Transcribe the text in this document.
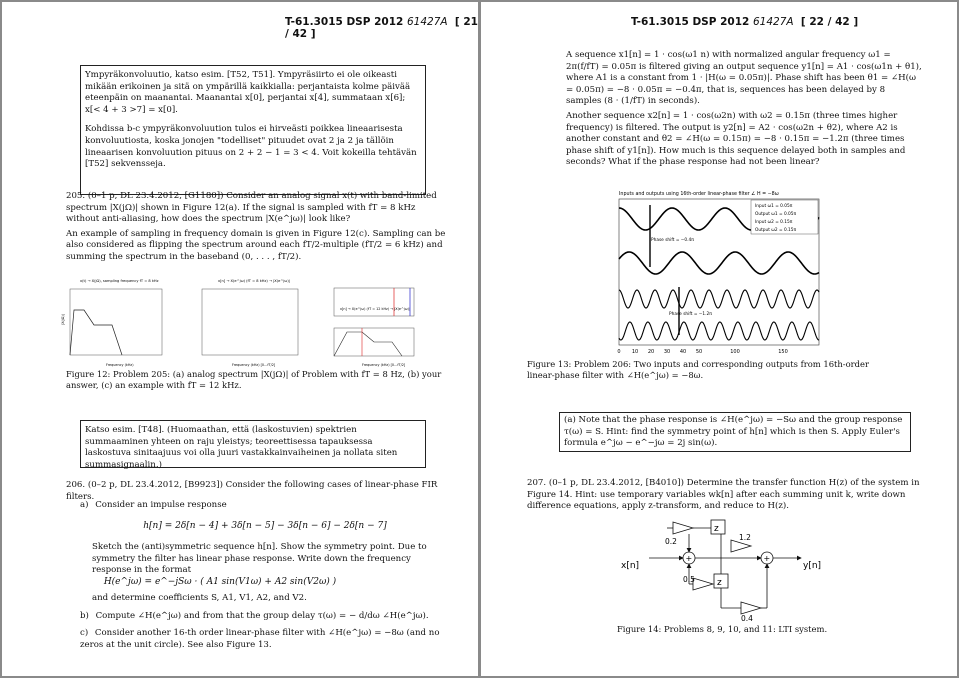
T-61.3015 DSP 2012 61427A  [ 21 / 42 ]

Ympyräkonvoluutio, katso esim. [T52, T51]. Ympyräsiirto ei ole oikeasti mikään erikoinen ja sitä on ympärillä kaikkialla: perjantaista kolme päivää eteenpäin on maanantai. Maanantai x[0], perjantai x[4], summataan x[6]; x[< 4 + 3 >7] = x[0].

Kohdissa b-c ympyräkonvoluution tulos ei hirveästi poikkea lineaarisesta konvoluutiosta, koska jonojen "todelliset" pituudet ovat 2 ja 2 ja tällöin lineaarisen konvoluution pituus on 2 + 2 − 1 = 3 < 4. Voit kokeilla tehtävän [T52] sekvensseja.

205. (0–1 p, DL 23.4.2012, [G1180]) Consider an analog signal x(t) with band-limited spectrum |X(jΩ)| shown in Figure 12(a). If the signal is sampled with fT = 8 kHz without anti-aliasing, how does the spectrum |X(e^jω)| look like?

An example of sampling in frequency domain is given in Figure 12(c). Sampling can be also considered as flipping the spectrum around each fT/2-multiple (fT/2 = 6 kHz) and summing the spectrum in the baseband (0, . . . , fT/2).

x(t) → X(jΩ), sampling frequency fT = 8 kHz
Frequency (kHz)
|X(jΩ)|
x[n] → X(e^jω) (fT = 8 kHz) → |X(e^jω)|
Frequency (kHz) [0...fT/2]
x[n] → X(e^jω) (fT = 12 kHz) → |X(e^jω)|
Frequency (kHz) [0...fT/2]
Figure 12: Problem 205: (a) analog spectrum |X(jΩ)| of Problem with fT = 8 Hz, (b) your answer, (c) an example with fT = 12 kHz.
Katso esim. [T48]. (Huomaathan, että (laskostuvien) spektrien summaaminen yhteen on raju yleistys; teoreettisessa tapauksessa laskostuva sinitaajuus voi olla juuri vastakkainvaiheinen ja nollata siten summasignaalin.)
206. (0–2 p, DL 23.4.2012, [B9923]) Consider the following cases of linear-phase FIR filters.
a) Consider an impulse response
h[n] = 2δ[n − 4] + 3δ[n − 5] − 3δ[n − 6] − 2δ[n − 7]
Sketch the (anti)symmetric sequence h[n]. Show the symmetry point. Due to symmetry the filter has linear phase response. Write down the frequency response in the format
H(e^jω) = e^−jSω · ( A1 sin(V1ω) + A2 sin(V2ω) )
and determine coefficients S, A1, V1, A2, and V2.
b) Compute ∠H(e^jω) and from that the group delay τ(ω) = − d/dω ∠H(e^jω).
c) Consider another 16-th order linear-phase filter with ∠H(e^jω) = −8ω (and no zeros at the unit circle). See also Figure 13.
T-61.3015 DSP 2012 61427A  [ 22 / 42 ]

A sequence x1[n] = 1 · cos(ω1 n) with normalized angular frequency ω1 = 2π(f/fT) = 0.05π is filtered giving an output sequence y1[n] = A1 · cos(ω1n + θ1), where A1 is a constant from 1 · |H(ω = 0.05π)|. Phase shift has been θ1 = ∠H(ω = 0.05π) = −8 · 0.05π = −0.4π, that is, sequences has been delayed by 8 samples (8 · (1/fT) in seconds).

Another sequence x2[n] = 1 · cos(ω2n) with ω2 = 0.15π (three times higher frequency) is filtered. The output is y2[n] = A2 · cos(ω2n + θ2), where A2 is another constant and θ2 = ∠H(ω = 0.15π) = −8 · 0.15π = −1.2π (three times phase shift of y1[n]). How much is this sequence delayed both in samples and seconds? What if the phase response had not been linear?

Inputs and outputs using 16th-order linear-phase filter ∠ H = −8ω
Input ω1 = 0.05π
Output ω1 = 0.05π
Input ω2 = 0.15π
Output ω2 = 0.15π
Phase shift = −0.4π
Phase shift = −1.2π
0 10 20 30 40 50	100	150
Figure 13: Problem 206: Two inputs and corresponding outputs from 16th-order linear-phase filter with ∠H(e^jω) = −8ω.
(a) Note that the phase response is ∠H(e^jω) = −Sω and the group response τ(ω) = S. Hint: find the symmetry point of h[n] which is then S. Apply Euler's formula e^jω − e^−jω = 2j sin(ω).
207. (0–1 p, DL 23.4.2012, [B4010]) Determine the transfer function H(z) of the system in Figure 14. Hint: use temporary variables wk[n] after each summing unit k, write down difference equations, apply z-transform, and reduce to H(z).
x[n]
+	+
y[n]
z
0.2	1.2
z
0.5
0.4
Figure 14: Problems 8, 9, 10, and 11: LTI system.
